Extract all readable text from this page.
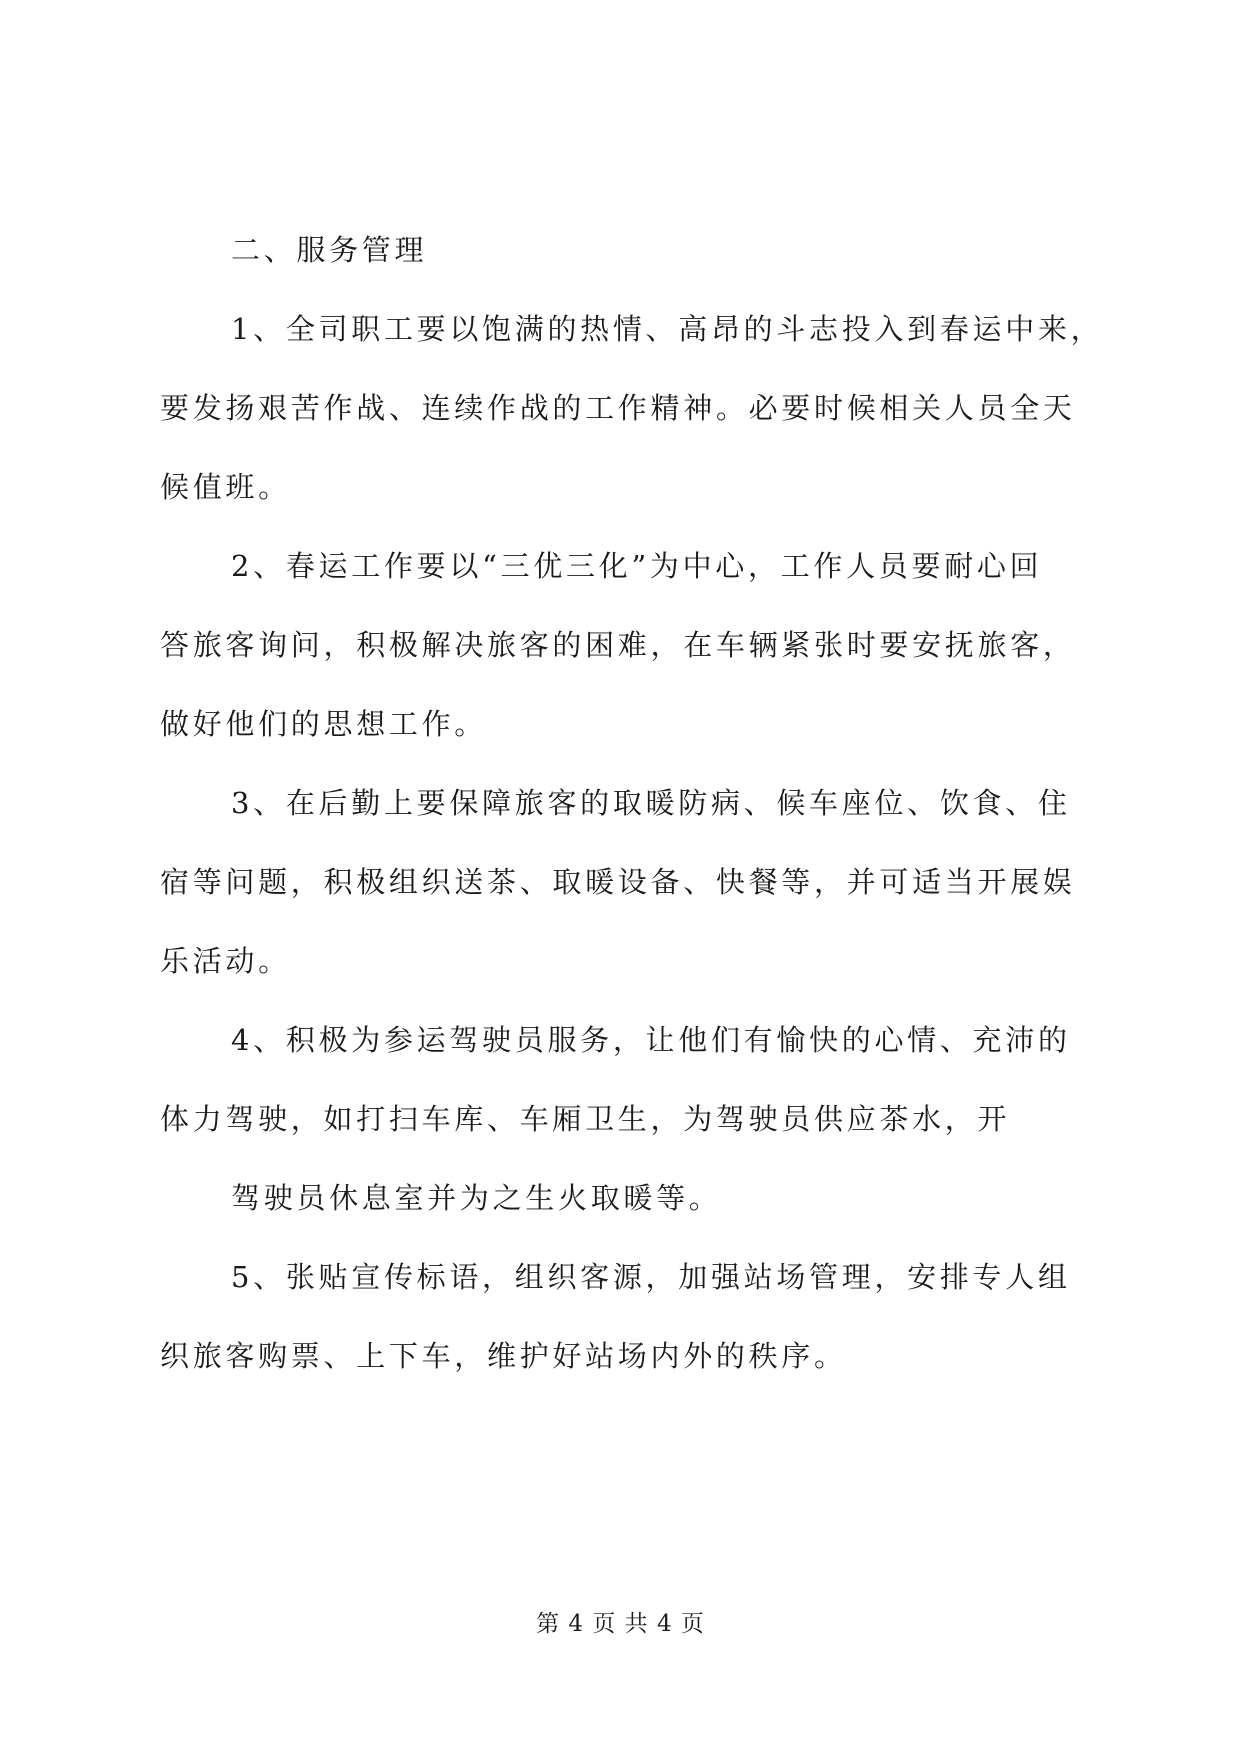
二、服务管理

1、全司职工要以饱满的热情、高昂的斗志投入到春运中来，

要发扬艰苦作战、连续作战的工作精神。必要时候相关人员全天

候值班。

2、春运工作要以“三优三化”为中心，工作人员要耐心回

答旅客询问，积极解决旅客的困难，在车辆紧张时要安抚旅客，

做好他们的思想工作。

3、在后勤上要保障旅客的取暖防病、候车座位、饮食、住

宿等问题，积极组织送茶、取暖设备、快餐等，并可适当开展娱

乐活动。

4、积极为参运驾驶员服务，让他们有愉快的心情、充沛的

体力驾驶，如打扫车库、车厢卫生，为驾驶员供应茶水，开

驾驶员休息室并为之生火取暖等。

5、张贴宣传标语，组织客源，加强站场管理，安排专人组

织旅客购票、上下车，维护好站场内外的秩序。

第 4 页 共 4 页
